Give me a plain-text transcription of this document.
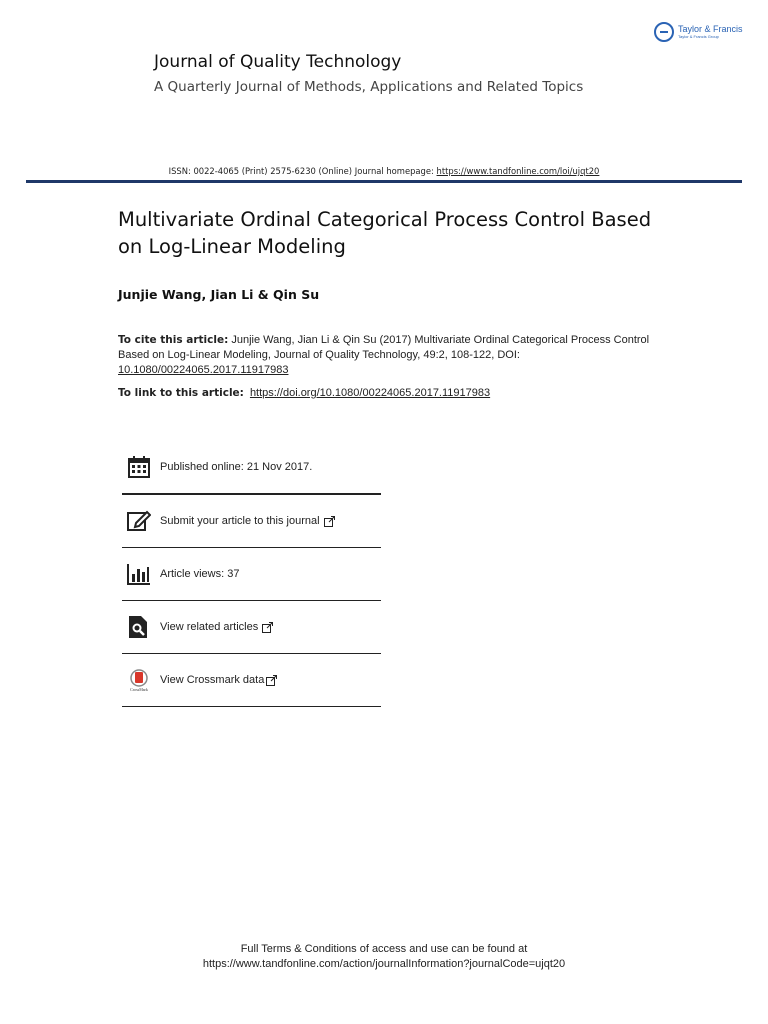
Taylor & Francis
Taylor & Francis Group
Journal of Quality Technology
A Quarterly Journal of Methods, Applications and Related Topics
ISSN: 0022-4065 (Print) 2575-6230 (Online) Journal homepage: https://www.tandfonline.com/loi/ujqt20
Multivariate Ordinal Categorical Process Control Based on Log-Linear Modeling
Junjie Wang, Jian Li & Qin Su
To cite this article: Junjie Wang, Jian Li & Qin Su (2017) Multivariate Ordinal Categorical Process Control Based on Log-Linear Modeling, Journal of Quality Technology, 49:2, 108-122, DOI:
10.1080/00224065.2017.11917983
To link to this article: https://doi.org/10.1080/00224065.2017.11917983
Published online: 21 Nov 2017.
Submit your article to this journal
Article views: 37
View related articles
CrossMark
View Crossmark data
Full Terms & Conditions of access and use can be found at
https://www.tandfonline.com/action/journalInformation?journalCode=ujqt20
